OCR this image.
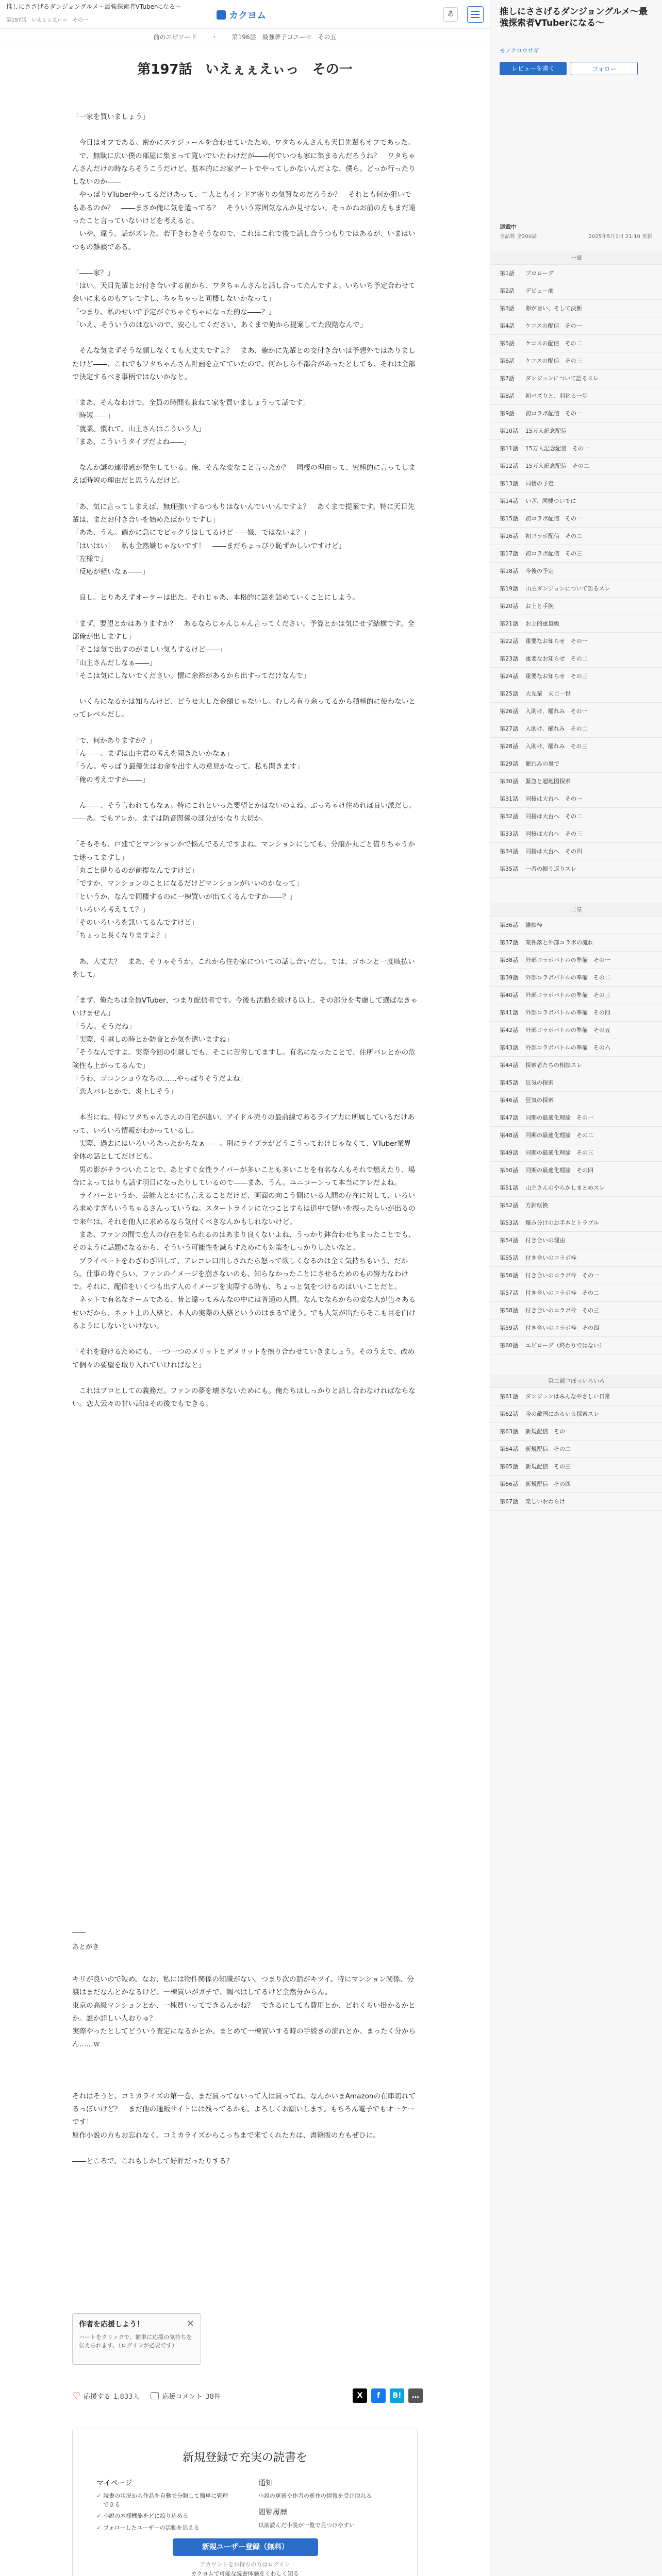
推しにささげるダンジョングルメ～最強探索者VTuberになる～
第197話　いえぇぇえぃっ　その一	カクヨム	あ
前のエピソード ・ 第196話　最強夢子コエーセ　その五
第197話　いえぇぇえぃっ　その一

「一家を買いましょう」

　今日はオフである。密かにスケジュールを合わせていたため、ワタちゃんさんも天目先輩もオフであった。

　で、無駄に広い僕の部屋に集まって寛いでいたわけだが――何でいつも家に集まるんだろうね？　ワタちゃんさんだけの時ならそうこうだけど、基本的にお家デートでやってしかないんだよな、僕ら。どっか行ったりしないのか――

　やっぱりVTuberやってるだけあって、二人ともインドア寄りの気質なのだろうか？　それとも何か狙いでもあるのか？　――まさか俺に気を遣ってる？　そういう雰囲気なんか見せない。そっかねお前の方もまだ遠ったこと言っていないけどを考えると。

　いや、違う。話がズレた。若干きわきそうなので、これはこれで後で話し合うつもりではあるが、いまはいつもの雑談である。

「――家？」

「はい。天目先輩とお付き合いする前から、ワタちゃんさんと話し合ってたんですよ。いちいち予定合わせて会いに来るのもアレですし、ちゃちゃっと同棲しないかなって」

「つまり、私のせいで予定がぐちゃぐちゃになった的な――？」

「いえ、そういうのはないので、安心してください。あくまで俺から提案してた段階なんで」

　そんな気まずそうな顔しなくても大丈夫ですよ？　まあ、確かに先輩との交付き合いは予想外ではありましたけど――、これでもワタちゃんさん計画を立てていたので、何かしら不都合があったとしても、それは全部で決定するべき事柄ではないかなと。

「まあ、そんなわけで。全員の時間も兼ねて家を買いましょうって話です」

「時短――」

「就業。慣れて。山主さんはこういう人」

「まあ、こういうタイプだよね――」

　なんか謎の連帯感が発生している。俺、そんな変なこと言ったか？　同棲の理由って、究極的に言ってしまえば時短の理由だと思うんだけど。

「あ、気に言ってしまえば、無理強いするつもりはないんでいいんですよ？　あくまで提案です。特に天目先輩は、まだお付き合いを始めたばかりですし」

「ああ、うん。確かに急にでビックリはしてるけど――嫌、ではないよ？」

「はいはい！　私も全然嫌じゃないです！　――まだちょっぴり恥ずかしいですけど」

「左様で」

「反応が軽いなぁ――」

　良し。とりあえずオーケーは出た。それじゃあ、本格的に話を詰めていくことにしよう。

「まず、要望とかはありますか？　あるならじゃんじゃん言ってください。予算とかは気にせず結構です。全部俺が出しますし」

「そこは気で出すのがましい気もするけど――」

「山主さんだしなぁ――」

「そこは気にしないでください。懐に余裕があるから出すってだけなんで」

　いくらになるかは知らんけど、どうせ大した金額じゃないし。むしろ有り余ってるから積極的に使わないとってレベルだし。

「で、何かありますか？」

「ん――。まずは山主君の考えを聞きたいかなぁ」

「うん。やっぱり最優先はお金を出す人の意見かなって。私も聞きます」

「俺の考えですか――」

　ん――、そう言われてもなぁ。特にこれといった要望とかはないのよね。ぶっちゃけ住めれば良い派だし。――あ。でもアレか。まずは防音関係の部分がかなり大切か。

「そもそも、戸建てとマンションかで悩んでるんですよね。マンションにしても、分譲か丸ごと借りちゃうかで迷ってますし」

「丸ごと借りるのが前提なんですけど」

「ですか、マンションのことになるだけどマンションがいいのかなって」

「というか、なんで同棲するのに一棟買いが出てくるんですか――？」

「いろいろ考えてて？」

「そのいろいろを訊いてるんですけど」

「ちょっと長くなりますよ？」

　あ、大丈夫？　まあ、そりゃそうか。これから住む家についての話し合いだし。では、ゴホンと一度咳払いをして。

「まず、俺たちは全員VTuber、つまり配信者です。今後も活動を続ける以上、その部分を考慮して選ばなきゃいけません」

「うん。そうだね」

「実際、引越しの時とか防音とか気を遣いますね」

「そうなんですよ。実際今回の引越しでも、そこに苦労してますし。有名になったことで、住所バレとかの危険性も上がってるんで」

「うわ、ゴコンショウなちの……やっぱりそうだよね」

「恋人バレとかで、炎上しそう」

　本当にね。特にワタちゃんさんの自宅が遠い、アイドル売りの最前線であるライブ力に所属しているだけあって、いろいろ情報がわかっているし。

　実際、過去にはいろいろあったからなぁ――。別にライブラがどうこうってわけじゃなくて、VTuber業界全体の話としてだけども。

　男の影がチラついたことで、あとすぐ女性ライバーが多いことも多いことを有名なんもそれで燃えたり、場合によってはりも話す羽目になったりしているので――まあ、うん。ユニコーンって本当にアレだよね。

　ライバーというか、芸能人とかにも言えることだけど、画面の向こう側にいる人間の存在に対して、いろいろ求めすぎもいうちゃるさんっていうね。スタートラインに立つことすらは道中で疑いを振ったらいが出るので来年は、それを他人に求めるなら気付くべきなんかもしれないけど。

　まあ、ファンの間で恋人の存在を知られるのはあまり良くないよね、うっかり鉢合わせちまったことでも、そのように話題になるから、そういう可能性を減らすためにも対策をしっかりしたいなと。

　プライベートをわざわざ晒して、アレコレ口出しされたら怒って欲しくなるのは全く気持ちもいう、だから。仕事の時ぐらい、ファンのイメージを崩さないのも、知らなかったことにさせるためのもの努力なわけで。それに、配信をいくつも出す人のイメージを実際する時も、ちょっと気をつけるのはいいことだと。

　ネットで有名なチームである、昔と違ってみんなの中には普通の人間。なんでならからの変な人が色々あるせいだから。ネット上の人格と、本人の実際の人格というのはまるで違う。でも人気が出たらそこも目を向けるようにしないといけない。

「それを避けるためにも、一つ一つのメリットとデメリットを擦り合わせていきましょう。そのうえで、改めて個々の要望を取り入れていければなと」

　これはプロとしての義務だ。ファンの夢を壊さないためにも。俺たちはしっかりと話し合わなければならない。恋人云々の甘い話はその後でもできる。

――
あとがき

キリが良いので短め。なお、私には物件関係の知識がない。つまり次の話がキツイ。特にマンション関係、分譲はまだなんとかなるけど、一棟買いがガチで、調べはしてるけど全然分からん。

東京の高級マンションとか、一棟買いってできるんかね？　できるにしても費用とか、どれくらい掛かるかとか。誰か詳しい人おりゅ？

実際やったとしてどういう査定になるかとか、まとめて一棟買いする時の手続きの流れとか、まったく分からん……ｗ

それはそうと、コミカライズの第一巻、まだ買ってないって人は買ってね。なんかいまAmazonの在庫切れてるっぽいけど？　まだ他の通販サイトには残ってるかも。よろしくお願いします。もちろん電子でもオーケーです！

原作小説の方もお忘れなく。コミカライズからこっちまで来てくれた方は、書籍版の方もぜひに。

――ところで、これもしかして好評だったりする？

作者を応援しよう！
ハートをクリックで、簡単に応援の気持ちを伝えられます。（ログインが必要です）
×
♡ 応援する 1,833人	応援コメント 38件	X	f	B!	…
新規登録で充実の読書を
マイページ
✓ 読書の状況から作品を自動で分類して簡単に管理できる
✓ 小説の本棚機能をどに絞り込める
✓ フォローしたユーザーの活動を追える
通知
小説の更新や作者の新作の情報を受け取れる
閲覧履歴
以前読んだ小説が一覧で見つけやすい
新規ユーザー登録（無料）
アカウントをお持ちの方はログイン
カクヨムで可能な読書体験をくわしく知る
推しにささげるダンジョングルメ～最強探索者VTuberになる～
モノクロウサギ
レビューを書く	フォロー
連載中
全話数 全200話	2025年5月1日 21:10 更新
一章
第1話 プロローグ
第2話 デビュー前
第3話 卵が旨い、そして決断
第4話 ケコスの配信　その一
第5話 ケコスの配信　その二
第6話 ケコスの配信　その三
第7話 ダンジョンについて語るスレ
第8話 初バズりと、羽化る一歩
第9話 初コラボ配信　その一
第10話 15万人記念配信
第11話 15万人記念配信　その一
第12話 15万人記念配信　その二
第13話 同棲の予定
第14話 いざ、同棲ついでに
第15話 初コラボ配信　その一
第16話 初コラボ配信　その二
第17話 初コラボ配信　その三
第18話 今後の予定
第19話 山主ダンジョンについて語るスレ
第20話 お上と手腕
第21話 お上的重量級
第22話 重要なお知らせ　その一
第23話 重要なお知らせ　その二
第24話 重要なお知らせ　その三
第25話 大先輩　天目一世
第26話 入助け、罷れみ　その一
第27話 入助け、罷れみ　その二
第28話 入助け、罷れみ　その三
第29話 罷れみの裏で
第30話 緊急と超地図探索
第31話 同接は大台へ　その一
第32話 同接は大台へ　その二
第33話 同接は大台へ　その三
第34話 同接は大台へ　その四
第35話 一者の振り返りスレ
二章
第36話 雑談枠
第37話 案件落と外部コラボの流れ
第38話 外部コラボバトルの準備　その一
第39話 外部コラボバトルの準備　その二
第40話 外部コラボバトルの準備　その三
第41話 外部コラボバトルの準備　その四
第42話 外部コラボバトルの準備　その五
第43話 外部コラボバトルの準備　その六
第44話 探索者たちの相談スレ
第45話 狂気の探索
第46話 狂気の探索
第47話 同期の最適化理論　その一
第48話 同期の最適化理論　その二
第49話 同期の最適化理論　その三
第50話 同期の最適化理論　その四
第51話 山主さんのやらかしまとめスレ
第52話 方針転換
第53話 爆み分けのお手本とトラブル
第54話 付き合いの理由
第55話 付き合いのコラボ枠
第56話 付き合いのコラボ枠　その一
第57話 付き合いのコラボ枠　その二
第58話 付き合いのコラボ枠　その三
第59話 付き合いのコラボ枠　その四
第60話 エピローグ（終わりではない）
第二部コぼっいろいろ
第61話 ダンジョンはみんなやさしい日常
第62話 今の敵国にあるいる探索スレ
第63話 新規配信　その一
第64話 新規配信　その二
第65話 新規配信　その三
第66話 新規配信　その四
第67話 楽しいおわらけ
